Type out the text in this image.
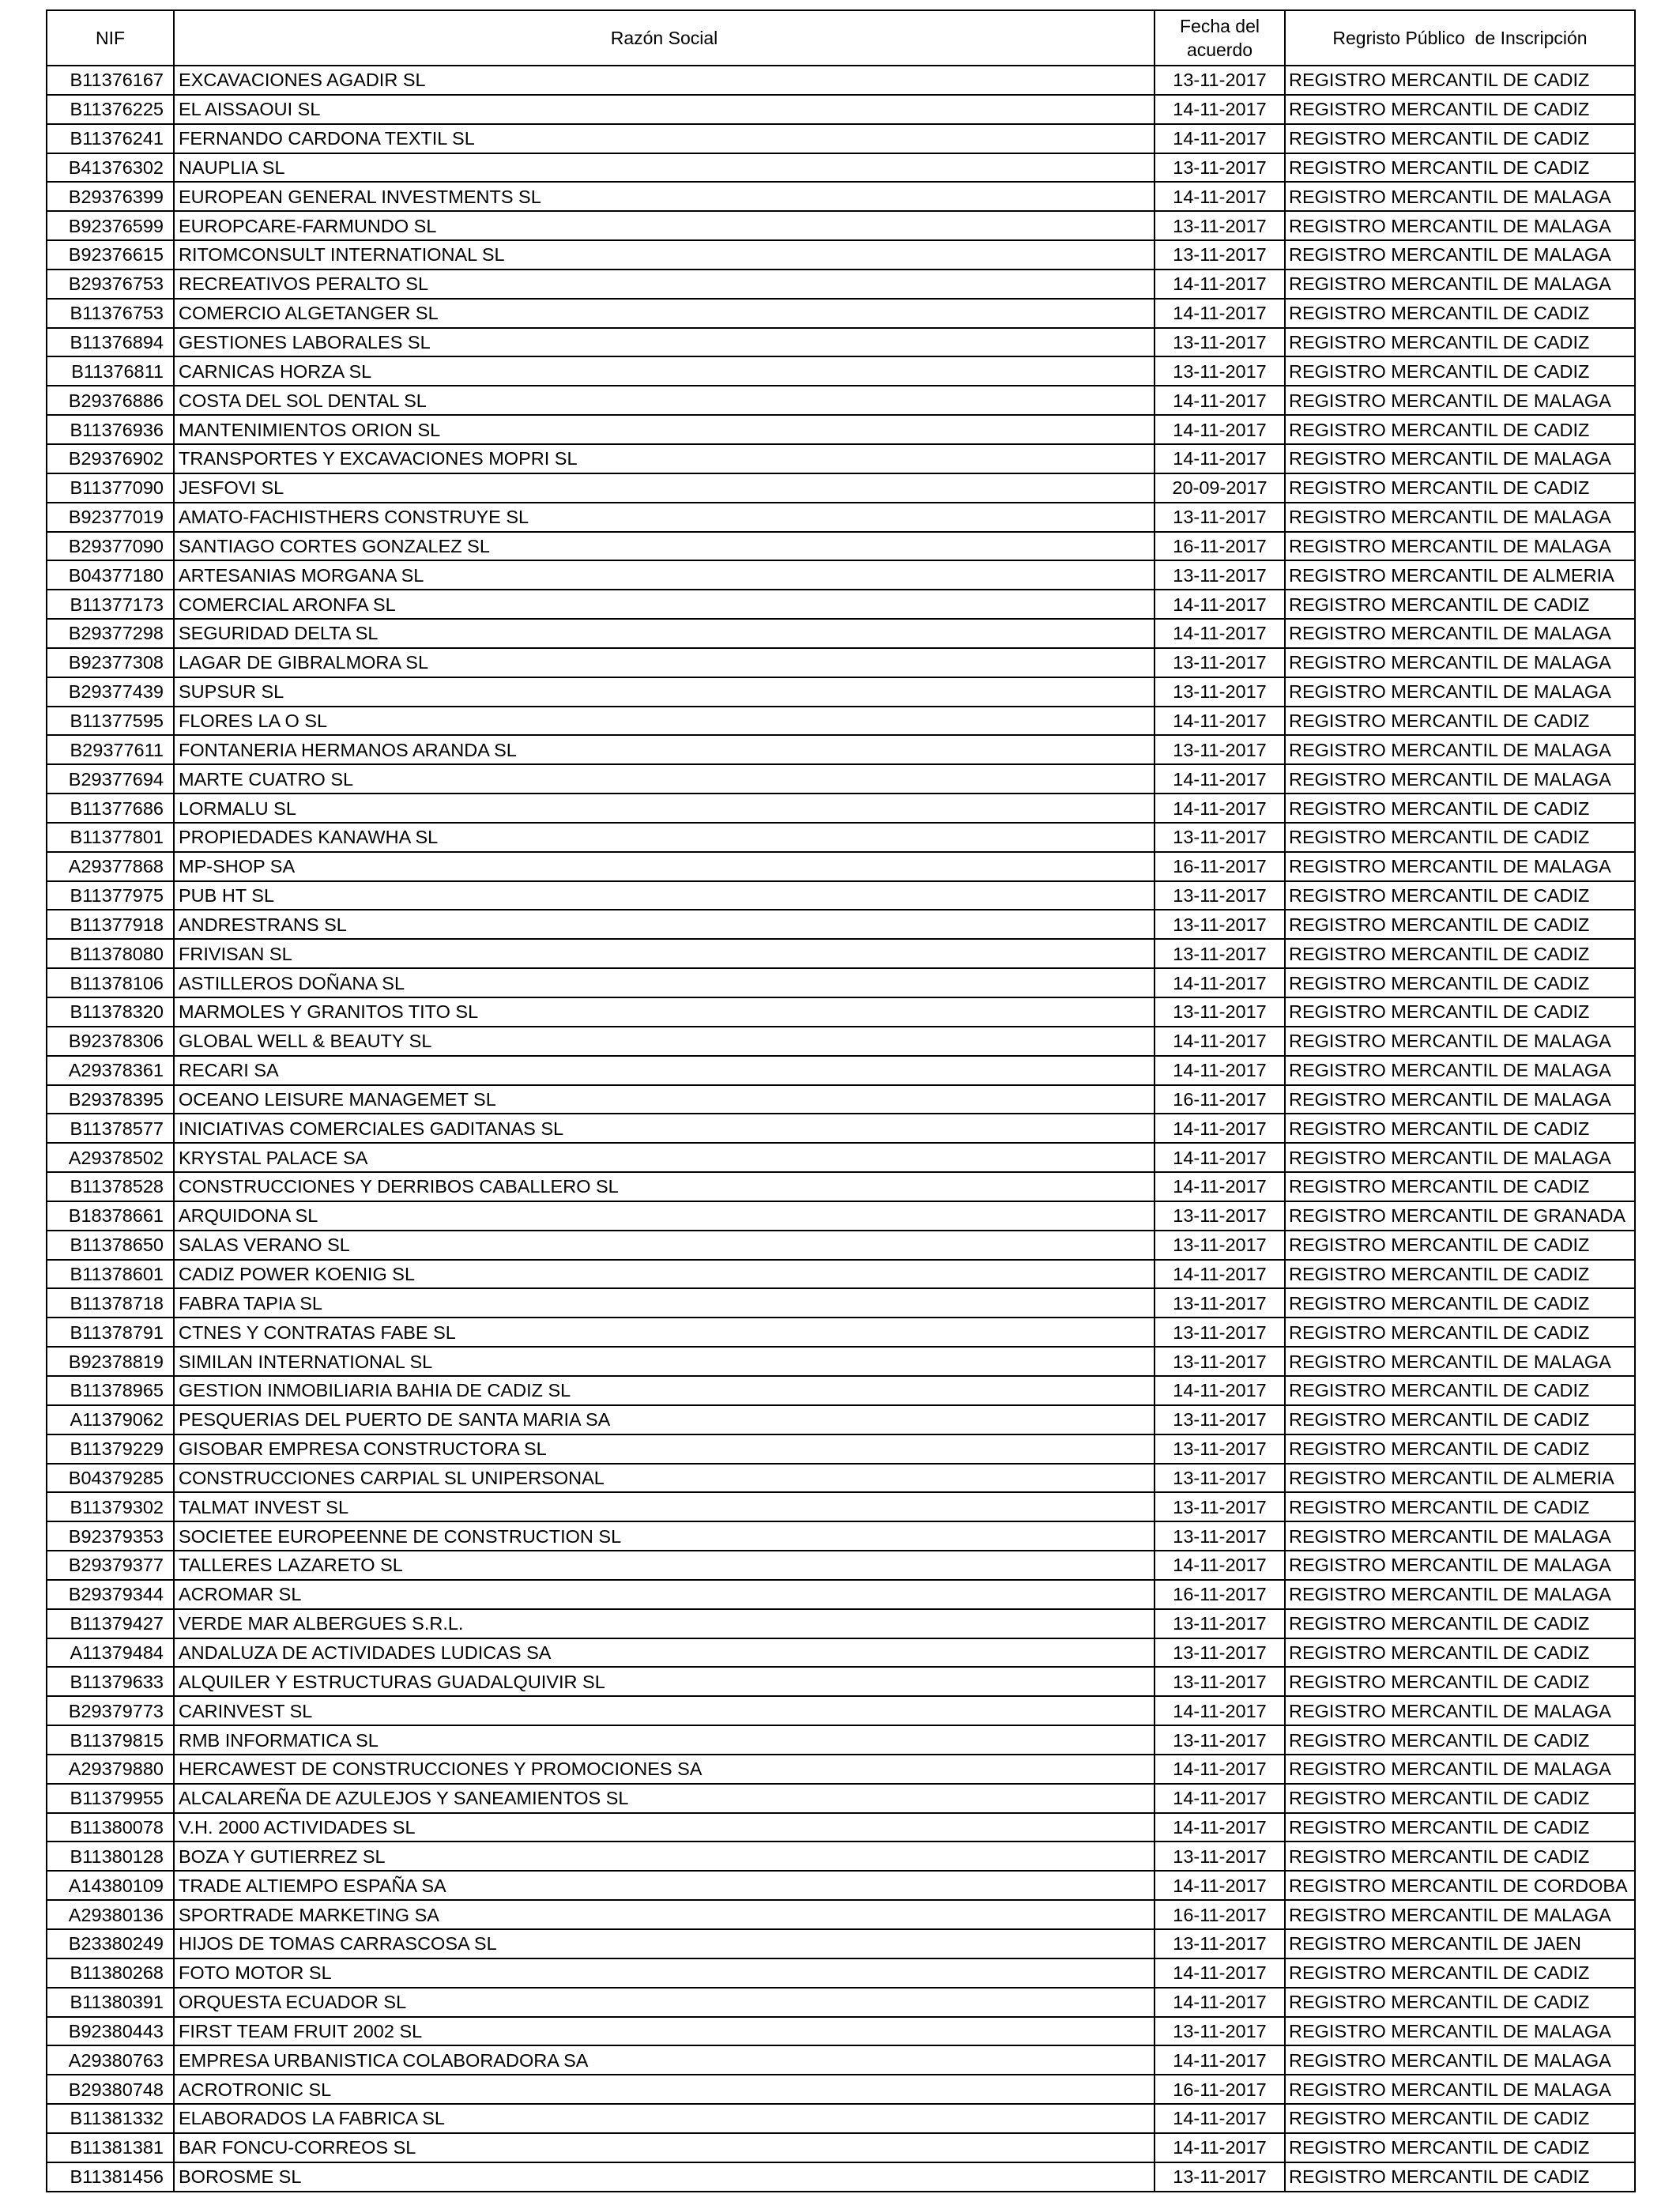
NIF	Razón Social	Fecha del acuerdo	Regristo Público  de Inscripción
B11376167	EXCAVACIONES AGADIR SL	13-11-2017	REGISTRO MERCANTIL DE CADIZ
B11376225	EL AISSAOUI SL	14-11-2017	REGISTRO MERCANTIL DE CADIZ
B11376241	FERNANDO CARDONA TEXTIL SL	14-11-2017	REGISTRO MERCANTIL DE CADIZ
B41376302	NAUPLIA SL	13-11-2017	REGISTRO MERCANTIL DE CADIZ
B29376399	EUROPEAN GENERAL INVESTMENTS SL	14-11-2017	REGISTRO MERCANTIL DE MALAGA
B92376599	EUROPCARE-FARMUNDO SL	13-11-2017	REGISTRO MERCANTIL DE MALAGA
B92376615	RITOMCONSULT INTERNATIONAL SL	13-11-2017	REGISTRO MERCANTIL DE MALAGA
B29376753	RECREATIVOS PERALTO SL	14-11-2017	REGISTRO MERCANTIL DE MALAGA
B11376753	COMERCIO ALGETANGER SL	14-11-2017	REGISTRO MERCANTIL DE CADIZ
B11376894	GESTIONES LABORALES SL	13-11-2017	REGISTRO MERCANTIL DE CADIZ
B11376811	CARNICAS HORZA SL	13-11-2017	REGISTRO MERCANTIL DE CADIZ
B29376886	COSTA DEL SOL DENTAL SL	14-11-2017	REGISTRO MERCANTIL DE MALAGA
B11376936	MANTENIMIENTOS ORION SL	14-11-2017	REGISTRO MERCANTIL DE CADIZ
B29376902	TRANSPORTES Y EXCAVACIONES MOPRI SL	14-11-2017	REGISTRO MERCANTIL DE MALAGA
B11377090	JESFOVI SL	20-09-2017	REGISTRO MERCANTIL DE CADIZ
B92377019	AMATO-FACHISTHERS CONSTRUYE SL	13-11-2017	REGISTRO MERCANTIL DE MALAGA
B29377090	SANTIAGO CORTES GONZALEZ SL	16-11-2017	REGISTRO MERCANTIL DE MALAGA
B04377180	ARTESANIAS MORGANA SL	13-11-2017	REGISTRO MERCANTIL DE ALMERIA
B11377173	COMERCIAL ARONFA SL	14-11-2017	REGISTRO MERCANTIL DE CADIZ
B29377298	SEGURIDAD DELTA SL	14-11-2017	REGISTRO MERCANTIL DE MALAGA
B92377308	LAGAR DE GIBRALMORA SL	13-11-2017	REGISTRO MERCANTIL DE MALAGA
B29377439	SUPSUR SL	13-11-2017	REGISTRO MERCANTIL DE MALAGA
B11377595	FLORES LA O SL	14-11-2017	REGISTRO MERCANTIL DE CADIZ
B29377611	FONTANERIA HERMANOS ARANDA SL	13-11-2017	REGISTRO MERCANTIL DE MALAGA
B29377694	MARTE CUATRO SL	14-11-2017	REGISTRO MERCANTIL DE MALAGA
B11377686	LORMALU SL	14-11-2017	REGISTRO MERCANTIL DE CADIZ
B11377801	PROPIEDADES KANAWHA SL	13-11-2017	REGISTRO MERCANTIL DE CADIZ
A29377868	MP-SHOP SA	16-11-2017	REGISTRO MERCANTIL DE MALAGA
B11377975	PUB HT SL	13-11-2017	REGISTRO MERCANTIL DE CADIZ
B11377918	ANDRESTRANS SL	13-11-2017	REGISTRO MERCANTIL DE CADIZ
B11378080	FRIVISAN SL	13-11-2017	REGISTRO MERCANTIL DE CADIZ
B11378106	ASTILLEROS DOÑANA SL	14-11-2017	REGISTRO MERCANTIL DE CADIZ
B11378320	MARMOLES Y GRANITOS TITO SL	13-11-2017	REGISTRO MERCANTIL DE CADIZ
B92378306	GLOBAL WELL & BEAUTY SL	14-11-2017	REGISTRO MERCANTIL DE MALAGA
A29378361	RECARI SA	14-11-2017	REGISTRO MERCANTIL DE MALAGA
B29378395	OCEANO LEISURE MANAGEMET SL	16-11-2017	REGISTRO MERCANTIL DE MALAGA
B11378577	INICIATIVAS COMERCIALES GADITANAS SL	14-11-2017	REGISTRO MERCANTIL DE CADIZ
A29378502	KRYSTAL PALACE SA	14-11-2017	REGISTRO MERCANTIL DE MALAGA
B11378528	CONSTRUCCIONES Y DERRIBOS CABALLERO SL	14-11-2017	REGISTRO MERCANTIL DE CADIZ
B18378661	ARQUIDONA SL	13-11-2017	REGISTRO MERCANTIL DE GRANADA
B11378650	SALAS VERANO SL	13-11-2017	REGISTRO MERCANTIL DE CADIZ
B11378601	CADIZ POWER KOENIG SL	14-11-2017	REGISTRO MERCANTIL DE CADIZ
B11378718	FABRA TAPIA SL	13-11-2017	REGISTRO MERCANTIL DE CADIZ
B11378791	CTNES Y CONTRATAS FABE SL	13-11-2017	REGISTRO MERCANTIL DE CADIZ
B92378819	SIMILAN INTERNATIONAL SL	13-11-2017	REGISTRO MERCANTIL DE MALAGA
B11378965	GESTION INMOBILIARIA BAHIA DE CADIZ SL	14-11-2017	REGISTRO MERCANTIL DE CADIZ
A11379062	PESQUERIAS DEL PUERTO DE SANTA MARIA SA	13-11-2017	REGISTRO MERCANTIL DE CADIZ
B11379229	GISOBAR EMPRESA CONSTRUCTORA SL	13-11-2017	REGISTRO MERCANTIL DE CADIZ
B04379285	CONSTRUCCIONES CARPIAL SL UNIPERSONAL	13-11-2017	REGISTRO MERCANTIL DE ALMERIA
B11379302	TALMAT INVEST SL	13-11-2017	REGISTRO MERCANTIL DE CADIZ
B92379353	SOCIETEE EUROPEENNE DE CONSTRUCTION SL	13-11-2017	REGISTRO MERCANTIL DE MALAGA
B29379377	TALLERES LAZARETO SL	14-11-2017	REGISTRO MERCANTIL DE MALAGA
B29379344	ACROMAR SL	16-11-2017	REGISTRO MERCANTIL DE MALAGA
B11379427	VERDE MAR ALBERGUES S.R.L.	13-11-2017	REGISTRO MERCANTIL DE CADIZ
A11379484	ANDALUZA DE ACTIVIDADES LUDICAS SA	13-11-2017	REGISTRO MERCANTIL DE CADIZ
B11379633	ALQUILER Y ESTRUCTURAS GUADALQUIVIR SL	13-11-2017	REGISTRO MERCANTIL DE CADIZ
B29379773	CARINVEST SL	14-11-2017	REGISTRO MERCANTIL DE MALAGA
B11379815	RMB INFORMATICA SL	13-11-2017	REGISTRO MERCANTIL DE CADIZ
A29379880	HERCAWEST DE CONSTRUCCIONES Y PROMOCIONES SA	14-11-2017	REGISTRO MERCANTIL DE MALAGA
B11379955	ALCALAREÑA DE AZULEJOS Y SANEAMIENTOS SL	14-11-2017	REGISTRO MERCANTIL DE CADIZ
B11380078	V.H. 2000 ACTIVIDADES SL	14-11-2017	REGISTRO MERCANTIL DE CADIZ
B11380128	BOZA Y GUTIERREZ SL	13-11-2017	REGISTRO MERCANTIL DE CADIZ
A14380109	TRADE ALTIEMPO ESPAÑA SA	14-11-2017	REGISTRO MERCANTIL DE CORDOBA
A29380136	SPORTRADE MARKETING SA	16-11-2017	REGISTRO MERCANTIL DE MALAGA
B23380249	HIJOS DE TOMAS CARRASCOSA SL	13-11-2017	REGISTRO MERCANTIL DE JAEN
B11380268	FOTO MOTOR SL	14-11-2017	REGISTRO MERCANTIL DE CADIZ
B11380391	ORQUESTA ECUADOR SL	14-11-2017	REGISTRO MERCANTIL DE CADIZ
B92380443	FIRST TEAM FRUIT 2002 SL	13-11-2017	REGISTRO MERCANTIL DE MALAGA
A29380763	EMPRESA URBANISTICA COLABORADORA SA	14-11-2017	REGISTRO MERCANTIL DE MALAGA
B29380748	ACROTRONIC SL	16-11-2017	REGISTRO MERCANTIL DE MALAGA
B11381332	ELABORADOS LA FABRICA SL	14-11-2017	REGISTRO MERCANTIL DE CADIZ
B11381381	BAR FONCU-CORREOS SL	14-11-2017	REGISTRO MERCANTIL DE CADIZ
B11381456	BOROSME SL	13-11-2017	REGISTRO MERCANTIL DE CADIZ
